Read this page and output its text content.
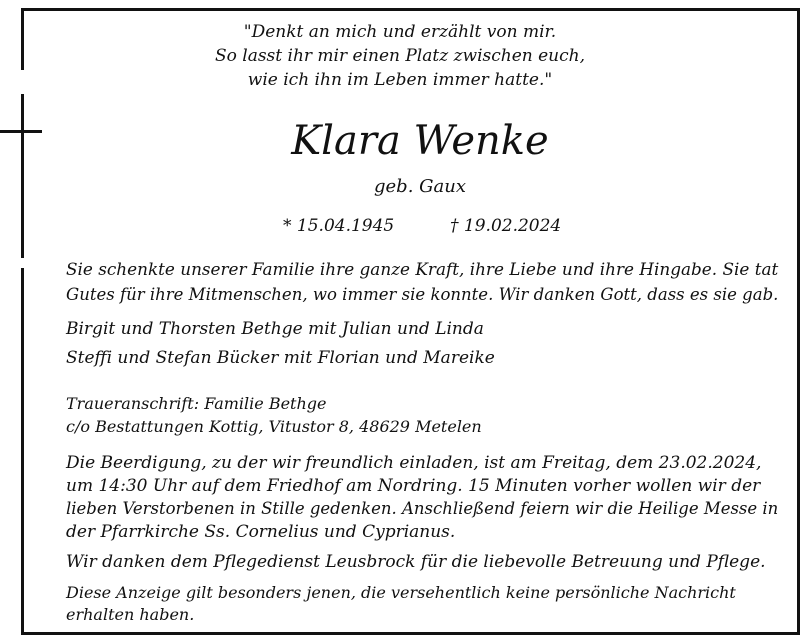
"Denkt an mich und erzählt von mir.
So lasst ihr mir einen Platz zwischen euch,
wie ich ihn im Leben immer hatte."
Klara Wenke
geb. Gaux
* 15.04.1945	† 19.02.2024
Sie schenkte unserer Familie ihre ganze Kraft, ihre Liebe und ihre Hingabe. Sie tat
Gutes für ihre Mitmenschen, wo immer sie konnte. Wir danken Gott, dass es sie gab.
Birgit und Thorsten Bethge mit Julian und Linda
Steffi und Stefan Bücker mit Florian und Mareike
Traueranschrift: Familie Bethge
c/o Bestattungen Kottig, Vitustor 8, 48629 Metelen
Die Beerdigung, zu der wir freundlich einladen, ist am Freitag, dem 23.02.2024,
um 14:30 Uhr auf dem Friedhof am Nordring. 15 Minuten vorher wollen wir der
lieben Verstorbenen in Stille gedenken. Anschließend feiern wir die Heilige Messe in
der Pfarrkirche Ss. Cornelius und Cyprianus.
Wir danken dem Pflegedienst Leusbrock für die liebevolle Betreuung und Pflege.
Diese Anzeige gilt besonders jenen, die versehentlich keine persönliche Nachricht
erhalten haben.
